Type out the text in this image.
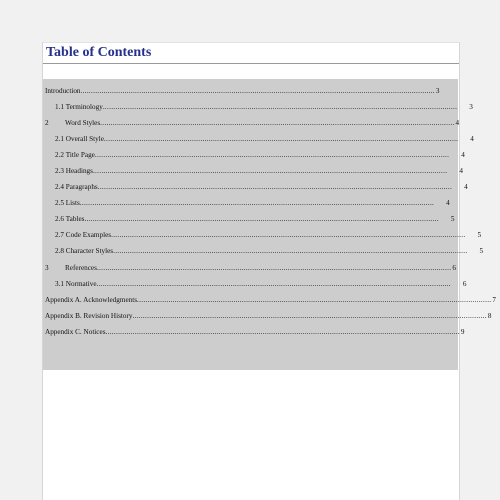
Table of Contents
Introduction ......................................................................................................................................................................... 3
1.1
Terminology ......................................................................................................................................................................... 3
2	Word Styles ......................................................................................................................................................................... 4
2.1
Overall Style ......................................................................................................................................................................... 4
2.2
Title Page ......................................................................................................................................................................... 4
2.3
Headings ......................................................................................................................................................................... 4
2.4
Paragraphs ......................................................................................................................................................................... 4
2.5
Lists ......................................................................................................................................................................... 4
2.6
Tables ......................................................................................................................................................................... 5
2.7
Code Examples ......................................................................................................................................................................... 5
2.8
Character Styles ......................................................................................................................................................................... 5
3	References ......................................................................................................................................................................... 6
3.1
Normative ......................................................................................................................................................................... 6
Appendix A. Acknowledgments ......................................................................................................................................................................... 7
Appendix B. Revision History ......................................................................................................................................................................... 8
Appendix C. Notices ......................................................................................................................................................................... 9
